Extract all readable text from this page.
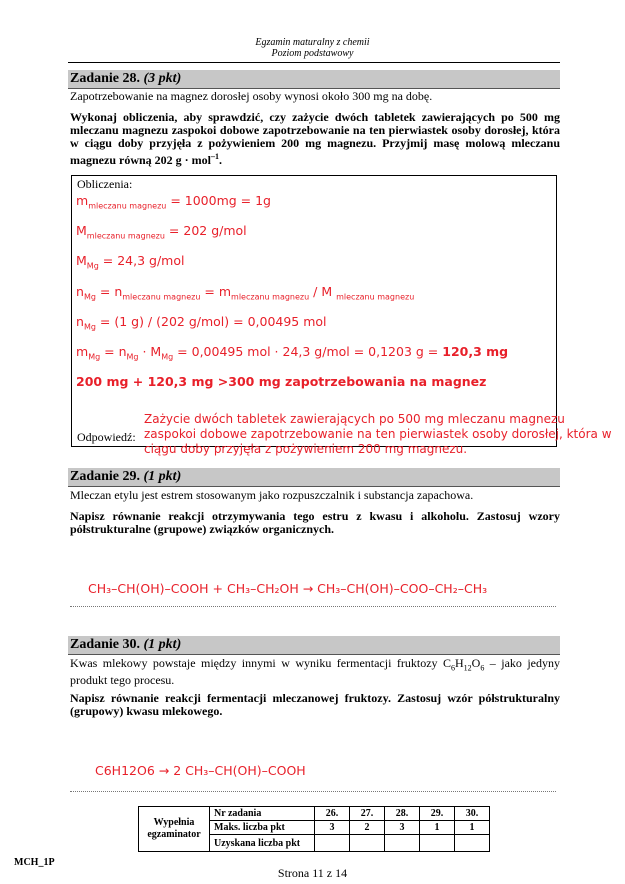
Egzamin maturalny z chemii
Poziom podstawowy
Zadanie 28. (3 pkt)
Zapotrzebowanie na magnez dorosłej osoby wynosi około 300 mg na dobę.
Wykonaj obliczenia, aby sprawdzić, czy zażycie dwóch tabletek zawierających po 500 mg mleczanu magnezu zaspokoi dobowe zapotrzebowanie na ten pierwiastek osoby dorosłej, która w ciągu doby przyjęła z pożywieniem 200 mg magnezu. Przyjmij masę molową mleczanu magnezu równą 202 g · mol$^{-1}$.
Obliczenia:
$m_{mleczanu magnezu} = 1000mg = 1g$
$M_{mleczanu magnezu} = 202$ g/mol
$M_{Mg} = 24,3$ g/mol
$n_{Mg} = n_{mleczanu magnezu} = m_{mleczanu magnezu} / M$ $_{mleczanu magnezu}$
$n_{Mg} = (1$ g) / (202 g/mol) = 0,00495 mol
$m_{Mg} = n_{Mg} \cdot M_{Mg} = 0,00495$ mol · 24,3 g/mol = 0,1203 g = 120,3 mg
200 mg + 120,3 mg >300 mg zapotrzebowania na magnez
Odpowiedź:
Zażycie dwóch tabletek zawierających po 500 mg mleczanu magnezu zaspokoi dobowe zapotrzebowanie na ten pierwiastek osoby dorosłej, która w ciągu doby przyjęła z pożywieniem 200 mg magnezu.
Zadanie 29. (1 pkt)
Mleczan etylu jest estrem stosowanym jako rozpuszczalnik i substancja zapachowa.
Napisz równanie reakcji otrzymywania tego estru z kwasu i alkoholu. Zastosuj wzory półstrukturalne (grupowe) związków organicznych.
CH₃–CH(OH)–COOH + CH₃–CH₂OH → CH₃–CH(OH)–COO–CH₂–CH₃
Zadanie 30. (1 pkt)
Kwas mlekowy powstaje między innymi w wyniku fermentacji fruktozy $C_6H_{12}O_6$ – jako jedyny produkt tego procesu.
Napisz równanie reakcji fermentacji mleczanowej fruktozy. Zastosuj wzór półstrukturalny (grupowy) kwasu mlekowego.
C6H12O6 → 2 CH₃–CH(OH)–COOH
Wypełnia
egzaminator	Nr zadania	26.	27.	28.	29.	30.
	Maks. liczba pkt	3	2	3	1	1
	Uzyskana liczba pkt					
MCH_1P
Strona 11 z 14
